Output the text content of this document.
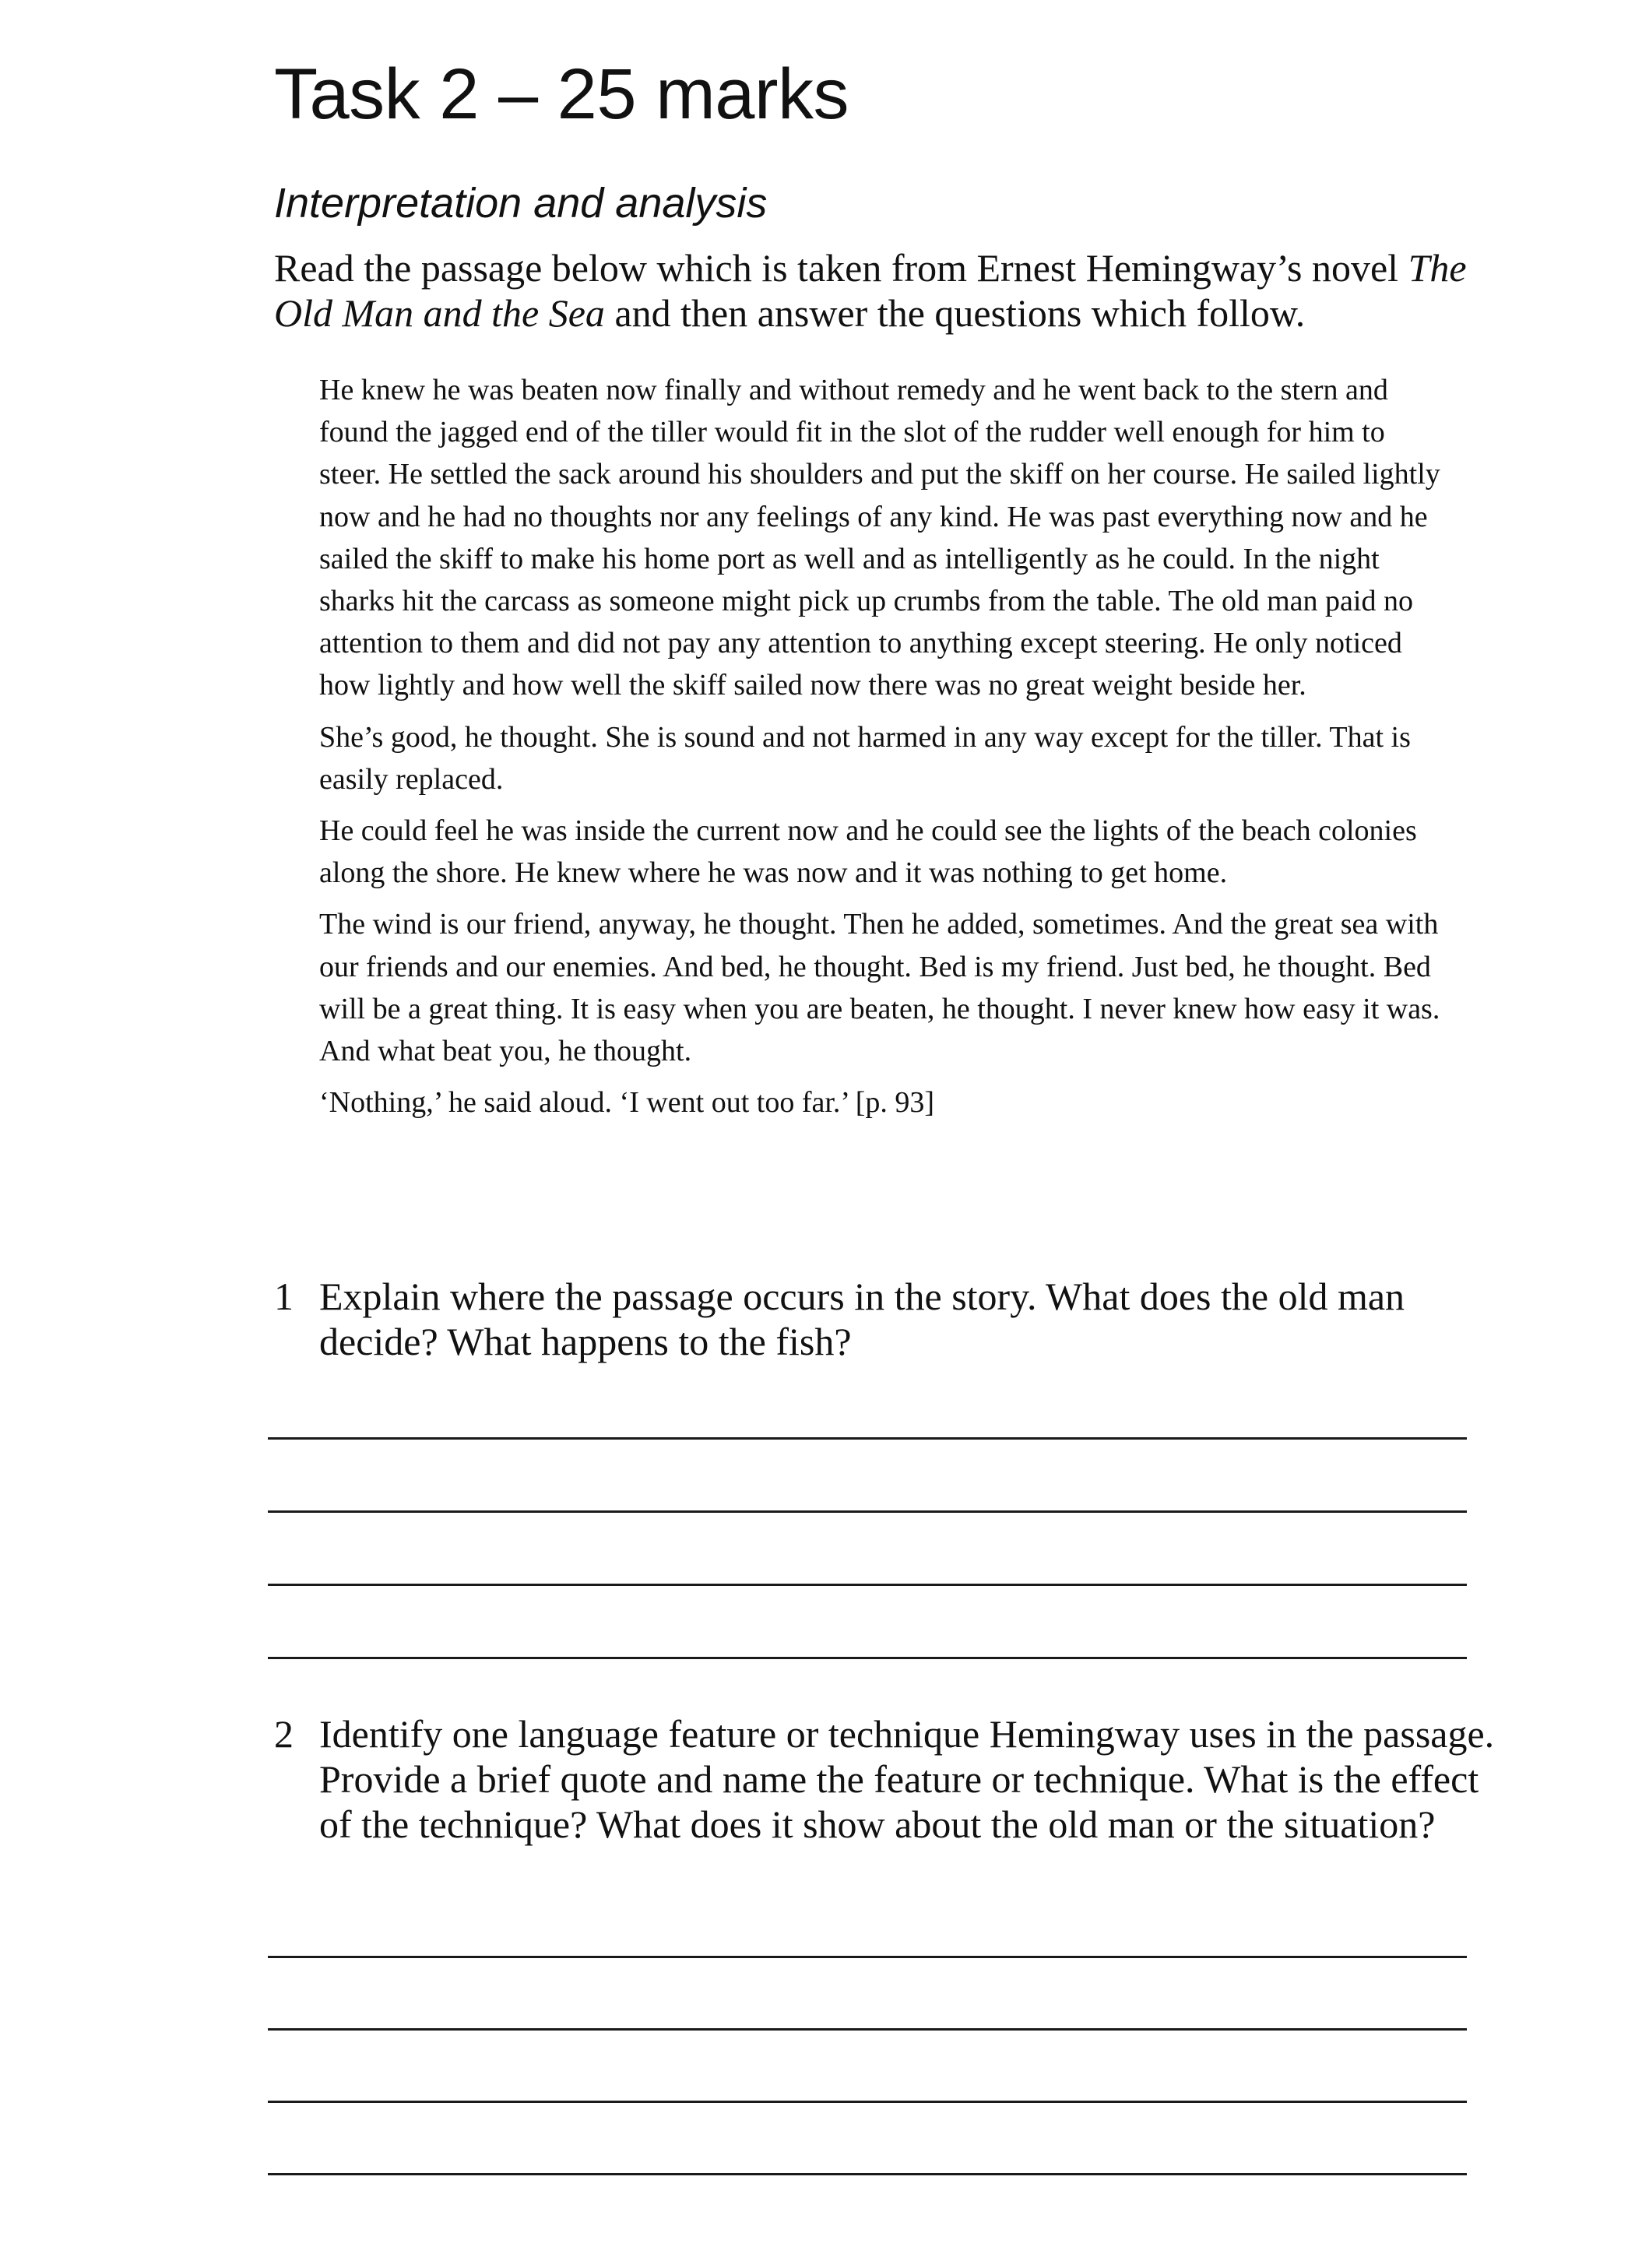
Task 2 – 25 marks
Interpretation and analysis
Read the passage below which is taken from Ernest Hemingway’s novel The Old Man and the Sea and then answer the questions which follow.

He knew he was beaten now finally and without remedy and he went back to the stern and found the jagged end of the tiller would fit in the slot of the rudder well enough for him to steer. He settled the sack around his shoulders and put the skiff on her course. He sailed lightly now and he had no thoughts nor any feelings of any kind. He was past everything now and he sailed the skiff to make his home port as well and as intelligently as he could. In the night sharks hit the carcass as someone might pick up crumbs from the table. The old man paid no attention to them and did not pay any attention to anything except steering. He only noticed how lightly and how well the skiff sailed now there was no great weight beside her.

She’s good, he thought. She is sound and not harmed in any way except for the tiller. That is easily replaced.

He could feel he was inside the current now and he could see the lights of the beach colonies along the shore. He knew where he was now and it was nothing to get home.

The wind is our friend, anyway, he thought. Then he added, sometimes. And the great sea with our friends and our enemies. And bed, he thought. Bed is my friend. Just bed, he thought. Bed will be a great thing. It is easy when you are beaten, he thought. I never knew how easy it was. And what beat you, he thought.

‘Nothing,’ he said aloud. ‘I went out too far.’ [p. 93]

1 Explain where the passage occurs in the story. What does the old man decide? What happens to the fish?
2 Identify one language feature or technique Hemingway uses in the passage. Provide a brief quote and name the feature or technique. What is the effect of the technique? What does it show about the old man or the situation?
